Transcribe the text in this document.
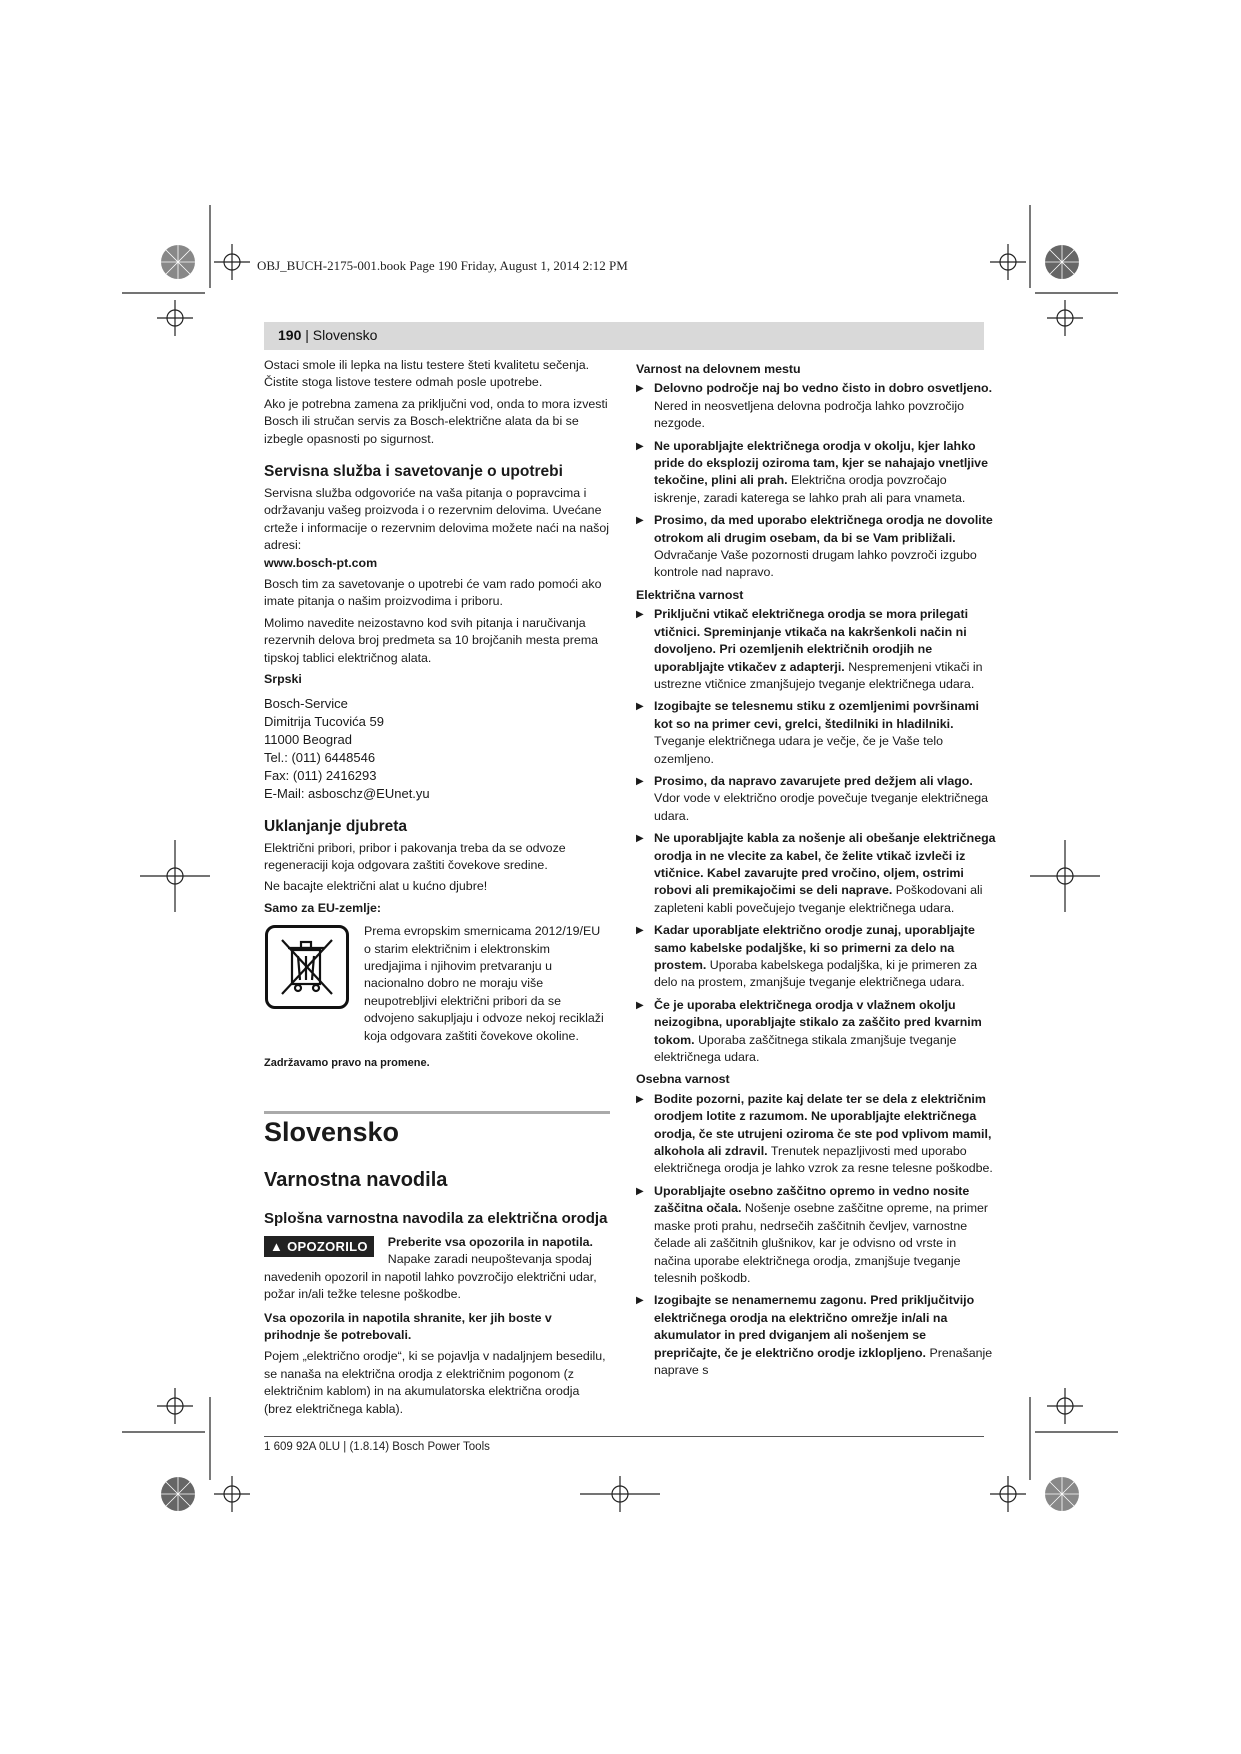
OBJ_BUCH-2175-001.book Page 190 Friday, August 1, 2014 2:12 PM
190 | Slovensko

Ostaci smole ili lepka na listu testere šteti kvalitetu sečenja. Čistite stoga listove testere odmah posle upotrebe.

Ako je potrebna zamena za priključni vod, onda to mora izvesti Bosch ili stručan servis za Bosch-električne alata da bi se izbegle opasnosti po sigurnost.

Servisna služba i savetovanje o upotrebi

Servisna služba odgovoriće na vaša pitanja o popravcima i održavanju vašeg proizvoda i o rezervnim delovima. Uvećane crteže i informacije o rezervnim delovima možete naći na našoj adresi:

www.bosch-pt.com

Bosch tim za savetovanje o upotrebi će vam rado pomoći ako imate pitanja o našim proizvodima i priboru.

Molimo navedite neizostavno kod svih pitanja i naručivanja rezervnih delova broj predmeta sa 10 brojčanih mesta prema tipskoj tablici električnog alata.

Srpski
Bosch-Service
Dimitrija Tucovića 59
11000 Beograd
Tel.: (011) 6448546
Fax: (011) 2416293
E-Mail: asboschz@EUnet.yu
Uklanjanje djubreta

Električni pribori, pribor i pakovanja treba da se odvoze regeneraciji koja odgovara zaštiti čovekove sredine.

Ne bacajte električni alat u kućno djubre!

Samo za EU-zemlje:

Prema evropskim smernicama 2012/19/EU o starim električnim i elektronskim uredjajima i njihovim pretvaranju u nacionalno dobro ne moraju više neupotrebljivi električni pribori da se odvojeno sakupljaju i odvoze nekoj reciklaži koja odgovara zaštiti čovekove okoline.

Zadržavamo pravo na promene.

Slovensko
Varnostna navodila
Splošna varnostna navodila za električna orodja
▲ OPOZORILO	Preberite vsa opozorila in napotila. Napake zaradi neupoštevanja spodaj navedenih opozoril in napotil lahko povzročijo električni udar, požar in/ali težke telesne poškodbe.

Vsa opozorila in napotila shranite, ker jih boste v prihodnje še potrebovali.

Pojem „električno orodje“, ki se pojavlja v nadaljnjem besedilu, se nanaša na električna orodja z električnim pogonom (z električnim kablom) in na akumulatorska električna orodja (brez električnega kabla).

Varnost na delovnem mestu
▶ Delovno področje naj bo vedno čisto in dobro osvetljeno. Nered in neosvetljena delovna področja lahko povzročijo nezgode.
▶ Ne uporabljajte električnega orodja v okolju, kjer lahko pride do eksplozij oziroma tam, kjer se nahajajo vnetljive tekočine, plini ali prah. Električna orodja povzročajo iskrenje, zaradi katerega se lahko prah ali para vnameta.
▶ Prosimo, da med uporabo električnega orodja ne dovolite otrokom ali drugim osebam, da bi se Vam približali. Odvračanje Vaše pozornosti drugam lahko povzroči izgubo kontrole nad napravo.
Električna varnost
▶ Priključni vtikač električnega orodja se mora prilegati vtičnici. Spreminjanje vtikača na kakršenkoli način ni dovoljeno. Pri ozemljenih električnih orodjih ne uporabljajte vtikačev z adapterji. Nespremenjeni vtikači in ustrezne vtičnice zmanjšujejo tveganje električnega udara.
▶ Izogibajte se telesnemu stiku z ozemljenimi površinami kot so na primer cevi, grelci, štedilniki in hladilniki. Tveganje električnega udara je večje, če je Vaše telo ozemljeno.
▶ Prosimo, da napravo zavarujete pred dežjem ali vlago. Vdor vode v električno orodje povečuje tveganje električnega udara.
▶ Ne uporabljajte kabla za nošenje ali obešanje električnega orodja in ne vlecite za kabel, če želite vtikač izvleči iz vtičnice. Kabel zavarujte pred vročino, oljem, ostrimi robovi ali premikajočimi se deli naprave. Poškodovani ali zapleteni kabli povečujejo tveganje električnega udara.
▶ Kadar uporabljate električno orodje zunaj, uporabljajte samo kabelske podaljške, ki so primerni za delo na prostem. Uporaba kabelskega podaljška, ki je primeren za delo na prostem, zmanjšuje tveganje električnega udara.
▶ Če je uporaba električnega orodja v vlažnem okolju neizogibna, uporabljajte stikalo za zaščito pred kvarnim tokom. Uporaba zaščitnega stikala zmanjšuje tveganje električnega udara.
Osebna varnost
▶ Bodite pozorni, pazite kaj delate ter se dela z električnim orodjem lotite z razumom. Ne uporabljajte električnega orodja, če ste utrujeni oziroma če ste pod vplivom mamil, alkohola ali zdravil. Trenutek nepazljivosti med uporabo električnega orodja je lahko vzrok za resne telesne poškodbe.
▶ Uporabljajte osebno zaščitno opremo in vedno nosite zaščitna očala. Nošenje osebne zaščitne opreme, na primer maske proti prahu, nedrsečih zaščitnih čevljev, varnostne čelade ali zaščitnih glušnikov, kar je odvisno od vrste in načina uporabe električnega orodja, zmanjšuje tveganje telesnih poškodb.
▶ Izogibajte se nenamernemu zagonu. Pred priključitvijo električnega orodja na električno omrežje in/ali na akumulator in pred dviganjem ali nošenjem se prepričajte, če je električno orodje izklopljeno. Prenašanje naprave s
1 609 92A 0LU | (1.8.14) Bosch Power Tools
